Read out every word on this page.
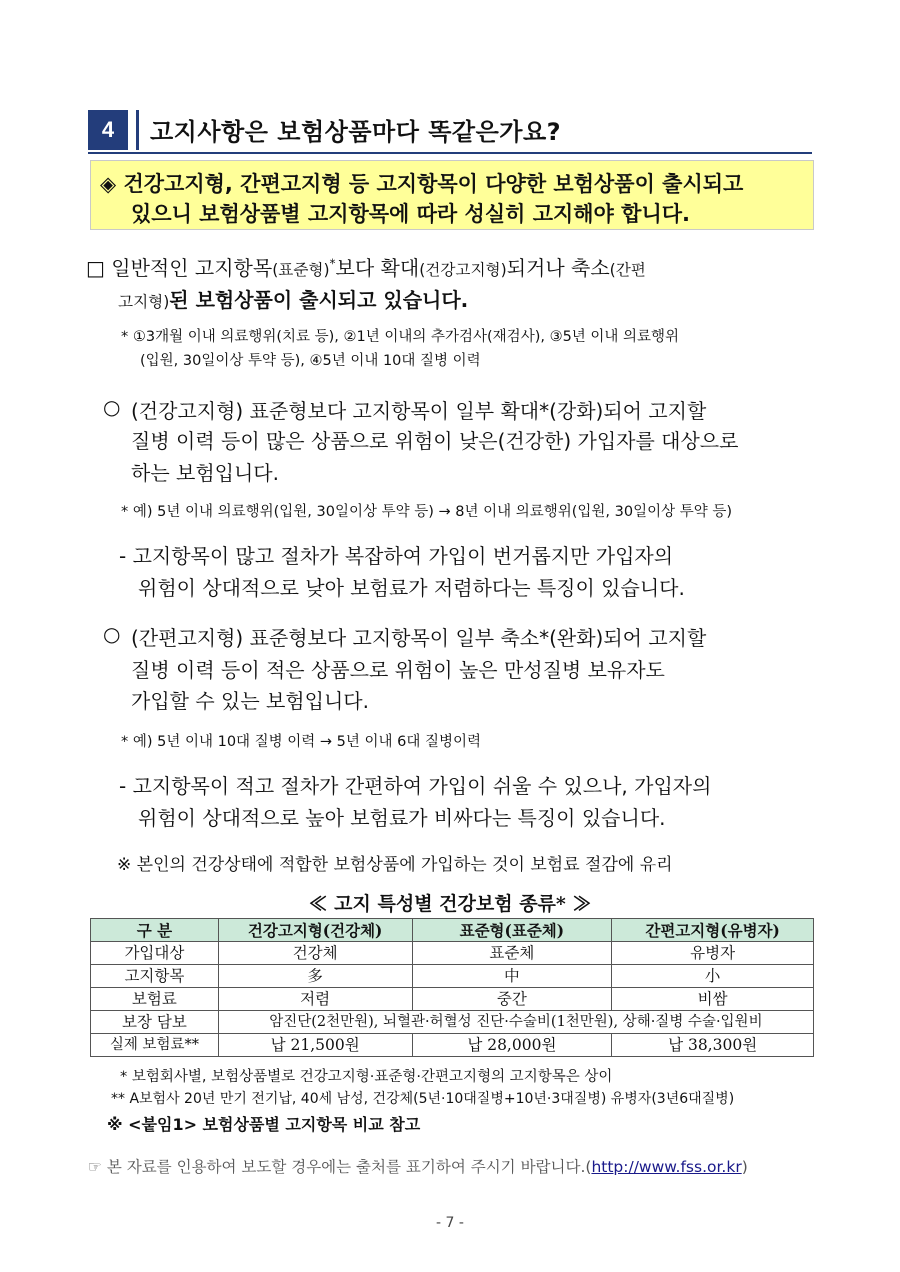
4	고지사항은 보험상품마다 똑같은가요?
◈ 건강고지형, 간편고지형 등 고지항목이 다양한 보험상품이 출시되고
있으니 보험상품별 고지항목에 따라 성실히 고지해야 합니다.
□ 일반적인 고지항목(표준형)*보다 확대(건강고지형)되거나 축소(간편
고지형)된 보험상품이 출시되고 있습니다.
* ①3개월 이내 의료행위(치료 등), ②1년 이내의 추가검사(재검사), ③5년 이내 의료행위
(입원, 30일이상 투약 등), ④5년 이내 10대 질병 이력
○ (건강고지형) 표준형보다 고지항목이 일부 확대*(강화)되어 고지할
질병 이력 등이 많은 상품으로 위험이 낮은(건강한) 가입자를 대상으로
하는 보험입니다.
* 예) 5년 이내 의료행위(입원, 30일이상 투약 등) → 8년 이내 의료행위(입원, 30일이상 투약 등)
- 고지항목이 많고 절차가 복잡하여 가입이 번거롭지만 가입자의
위험이 상대적으로 낮아 보험료가 저렴하다는 특징이 있습니다.
○ (간편고지형) 표준형보다 고지항목이 일부 축소*(완화)되어 고지할
질병 이력 등이 적은 상품으로 위험이 높은 만성질병 보유자도
가입할 수 있는 보험입니다.
* 예) 5년 이내 10대 질병 이력 → 5년 이내 6대 질병이력
- 고지항목이 적고 절차가 간편하여 가입이 쉬울 수 있으나, 가입자의
위험이 상대적으로 높아 보험료가 비싸다는 특징이 있습니다.
※ 본인의 건강상태에 적합한 보험상품에 가입하는 것이 보험료 절감에 유리
≪ 고지 특성별 건강보험 종류* ≫
구 분	건강고지형(건강체)	표준형(표준체)	간편고지형(유병자)
가입대상	건강체	표준체	유병자
고지항목	多	中	小
보험료	저렴	중간	비쌈
보장 담보	암진단(2천만원), 뇌혈관·허혈성 진단·수술비(1천만원), 상해·질병 수술·입원비		
실제 보험료**	납 21,500원	납 28,000원	납 38,300원
* 보험회사별, 보험상품별로 건강고지형·표준형·간편고지형의 고지항목은 상이
** A보험사 20년 만기 전기납, 40세 남성, 건강체(5년·10대질병+10년·3대질병) 유병자(3년6대질병)
※ <붙임1> 보험상품별 고지항목 비교 참고
☞ 본 자료를 인용하여 보도할 경우에는 출처를 표기하여 주시기 바랍니다.(http://www.fss.or.kr)
- 7 -
